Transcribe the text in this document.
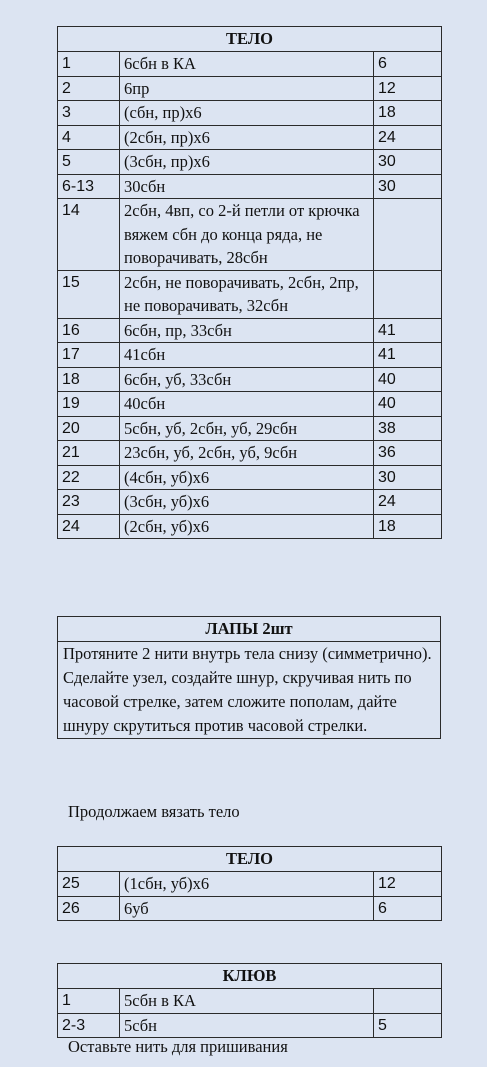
ТЕЛО		
1	6сбн в КА	6
2	6пр	12
3	(сбн, пр)х6	18
4	(2сбн, пр)х6	24
5	(3сбн, пр)х6	30
6-13	30сбн	30
14	2сбн, 4вп, со 2-й петли от крючка вяжем сбн до конца ряда, не поворачивать, 28сбн	
15	2сбн, не поворачивать, 2сбн, 2пр, не поворачивать, 32сбн	
16	6сбн, пр, 33сбн	41
17	41сбн	41
18	6сбн, уб, 33сбн	40
19	40сбн	40
20	5сбн, уб, 2сбн, уб, 29сбн	38
21	23сбн, уб, 2сбн, уб, 9сбн	36
22	(4сбн, уб)х6	30
23	(3сбн, уб)х6	24
24	(2сбн, уб)х6	18
ЛАПЫ 2шт
Протяните 2 нити внутрь тела снизу (симметрично). Сделайте узел, создайте шнур, скручивая нить по часовой стрелке, затем сложите пополам, дайте шнуру скрутиться против часовой стрелки.

Продолжаем вязать тело

ТЕЛО		
25	(1сбн, уб)х6	12
26	6уб	6
КЛЮВ		
1	5сбн в КА	
2-3	5сбн	5

Оставьте нить для пришивания
